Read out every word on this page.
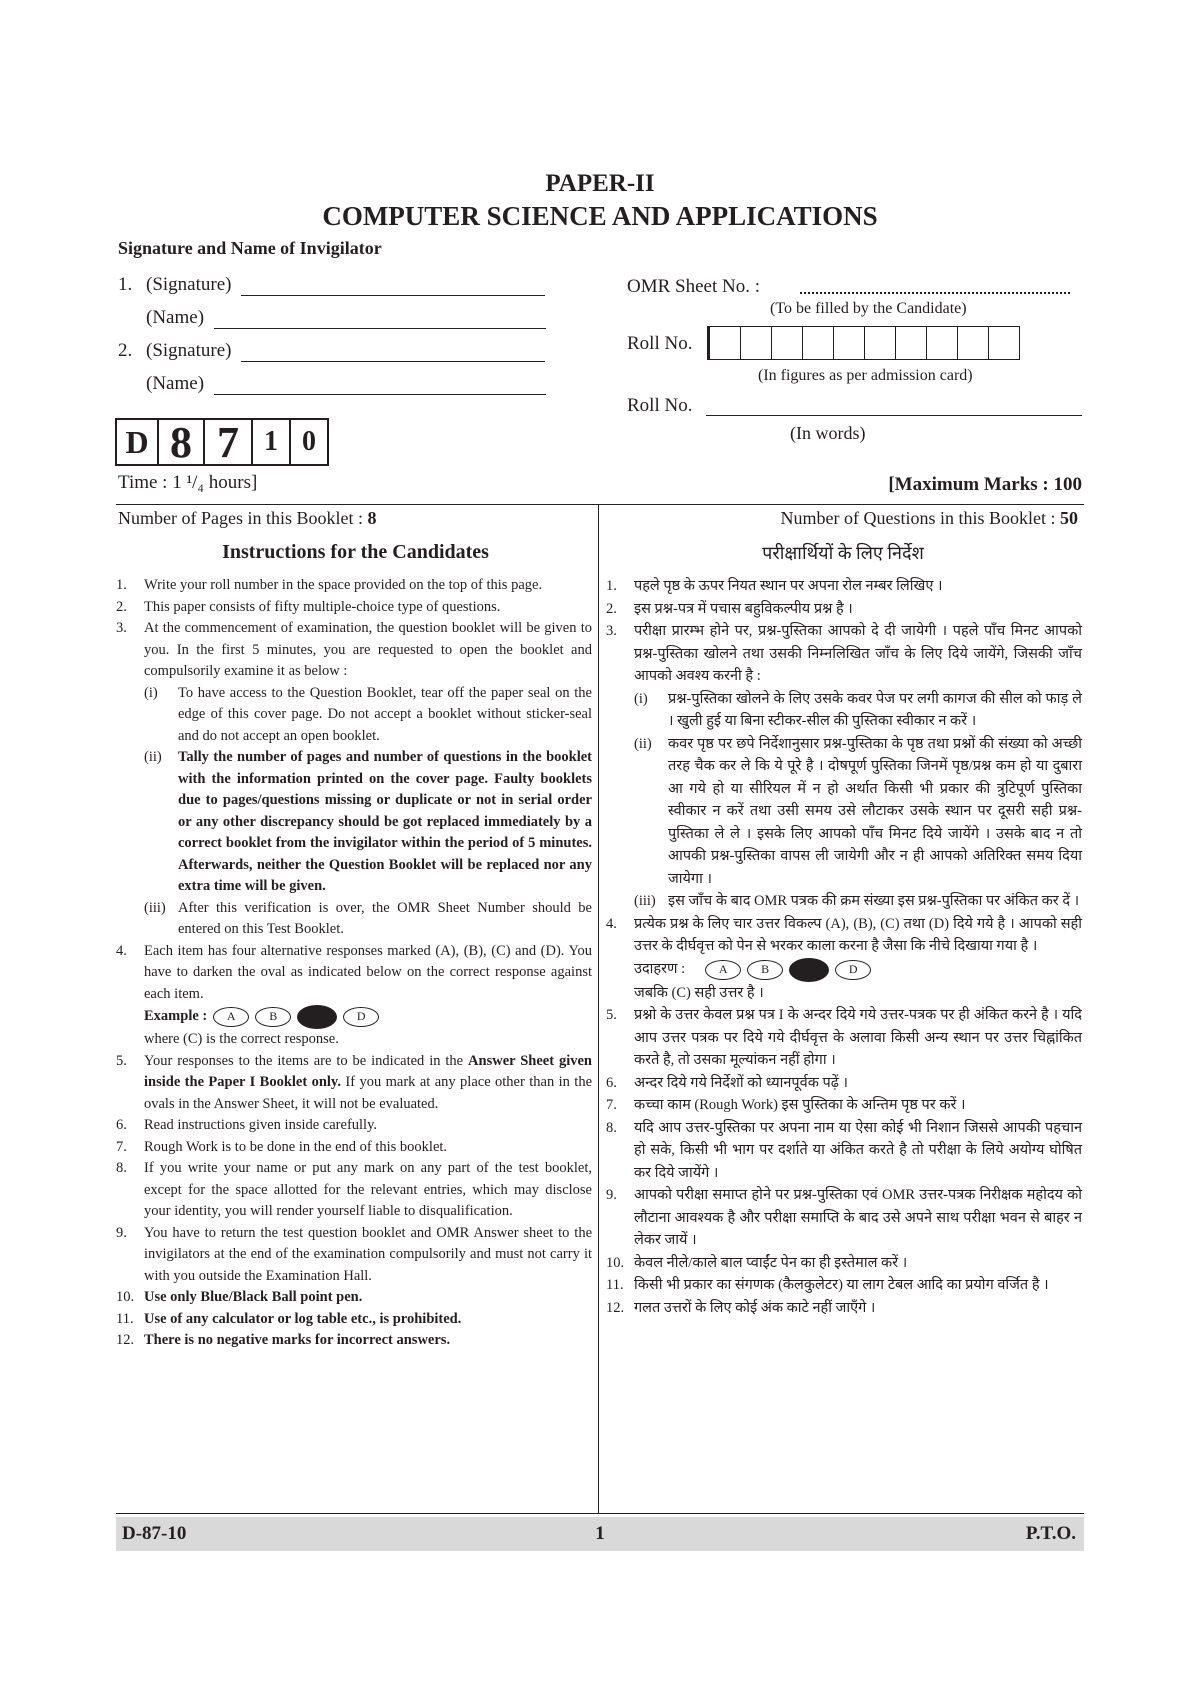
PAPER-II
COMPUTER SCIENCE AND APPLICATIONS
Signature and Name of Invigilator
1. (Signature)
(Name)
2. (Signature)
(Name)
OMR Sheet No. :
(To be filled by the Candidate)
Roll No.
(In figures as per admission card)
Roll No.
(In words)
D 8 7 1 0
Time : 1 ¹/₄ hours]	[Maximum Marks : 100
Number of Pages in this Booklet : 8	Number of Questions in this Booklet : 50
Instructions for the Candidates	परीक्षार्थियों के लिए निर्देश
1.	Write your roll number in the space provided on the top of this page.
2.	This paper consists of fifty multiple-choice type of questions.
3.	At the commencement of examination, the question booklet will be given to you. In the first 5 minutes, you are requested to open the booklet and compulsorily examine it as below :
(i)	To have access to the Question Booklet, tear off the paper seal on the edge of this cover page. Do not accept a booklet without sticker-seal and do not accept an open booklet.
(ii)	Tally the number of pages and number of questions in the booklet with the information printed on the cover page. Faulty booklets due to pages/questions missing or duplicate or not in serial order or any other discrepancy should be got replaced immediately by a correct booklet from the invigilator within the period of 5 minutes. Afterwards, neither the Question Booklet will be replaced nor any extra time will be given.
(iii) After this verification is over, the OMR Sheet Number should be entered on this Test Booklet.
4.	Each item has four alternative responses marked (A), (B), (C) and (D). You have to darken the oval as indicated below on the correct response against each item.
Example :	A	B	D
where (C) is the correct response.
5.	Your responses to the items are to be indicated in the Answer Sheet given inside the Paper I Booklet only. If you mark at any place other than in the ovals in the Answer Sheet, it will not be evaluated.
6.	Read instructions given inside carefully.
7.	Rough Work is to be done in the end of this booklet.
8.	If you write your name or put any mark on any part of the test booklet, except for the space allotted for the relevant entries, which may disclose your identity, you will render yourself liable to disqualification.
9.	You have to return the test question booklet and OMR Answer sheet to the invigilators at the end of the examination compulsorily and must not carry it with you outside the Examination Hall.
10. Use only Blue/Black Ball point pen.
11. Use of any calculator or log table etc., is prohibited.
12. There is no negative marks for incorrect answers.
1.	पहले पृष्ठ के ऊपर नियत स्थान पर अपना रोल नम्बर लिखिए ।
2.	इस प्रश्न-पत्र में पचास बहुविकल्पीय प्रश्न है ।
3.	परीक्षा प्रारम्भ होने पर, प्रश्न-पुस्तिका आपको दे दी जायेगी । पहले पाँच मिनट आपको प्रश्न-पुस्तिका खोलने तथा उसकी निम्नलिखित जाँच के लिए दिये जायेंगे, जिसकी जाँच आपको अवश्य करनी है :
(i)	प्रश्न-पुस्तिका खोलने के लिए उसके कवर पेज पर लगी कागज की सील को फाड़ ले । खुली हुई या बिना स्टीकर-सील की पुस्तिका स्वीकार न करें ।
(ii)	कवर पृष्ठ पर छपे निर्देशानुसार प्रश्न-पुस्तिका के पृष्ठ तथा प्रश्नों की संख्या को अच्छी तरह चैक कर ले कि ये पूरे है । दोषपूर्ण पुस्तिका जिनमें पृष्ठ/प्रश्न कम हो या दुबारा आ गये हो या सीरियल में न हो अर्थात किसी भी प्रकार की त्रुटिपूर्ण पुस्तिका स्वीकार न करें तथा उसी समय उसे लौटाकर उसके स्थान पर दूसरी सही प्रश्न-पुस्तिका ले ले । इसके लिए आपको पाँच मिनट दिये जायेंगे । उसके बाद न तो आपकी प्रश्न-पुस्तिका वापस ली जायेगी और न ही आपको अतिरिक्त समय दिया जायेगा ।
(iii) इस जाँच के बाद OMR पत्रक की क्रम संख्या इस प्रश्न-पुस्तिका पर अंकित कर दें ।
4.	प्रत्येक प्रश्न के लिए चार उत्तर विकल्प (A), (B), (C) तथा (D) दिये गये है । आपको सही उत्तर के दीर्घवृत्त को पेन से भरकर काला करना है जैसा कि नीचे दिखाया गया है ।
उदाहरण :	A	B	D
जबकि (C) सही उत्तर है ।
5.	प्रश्नो के उत्तर केवल प्रश्न पत्र I के अन्दर दिये गये उत्तर-पत्रक पर ही अंकित करने है । यदि आप उत्तर पत्रक पर दिये गये दीर्घवृत्त के अलावा किसी अन्य स्थान पर उत्तर चिह्नांकित करते है, तो उसका मूल्यांकन नहीं होगा ।
6.	अन्दर दिये गये निर्देशों को ध्यानपूर्वक पढ़ें ।
7.	कच्चा काम (Rough Work) इस पुस्तिका के अन्तिम पृष्ठ पर करें ।
8.	यदि आप उत्तर-पुस्तिका पर अपना नाम या ऐसा कोई भी निशान जिससे आपकी पहचान हो सके, किसी भी भाग पर दर्शाते या अंकित करते है तो परीक्षा के लिये अयोग्य घोषित कर दिये जायेंगे ।
9.	आपको परीक्षा समाप्त होने पर प्रश्न-पुस्तिका एवं OMR उत्तर-पत्रक निरीक्षक महोदय को लौटाना आवश्यक है और परीक्षा समाप्ति के बाद उसे अपने साथ परीक्षा भवन से बाहर न लेकर जायें ।
10. केवल नीले/काले बाल प्वाईंट पेन का ही इस्तेमाल करें ।
11. किसी भी प्रकार का संगणक (कैलकुलेटर) या लाग टेबल आदि का प्रयोग वर्जित है ।
12. गलत उत्तरों के लिए कोई अंक काटे नहीं जाएँगे ।
D-87-10	1	P.T.O.
